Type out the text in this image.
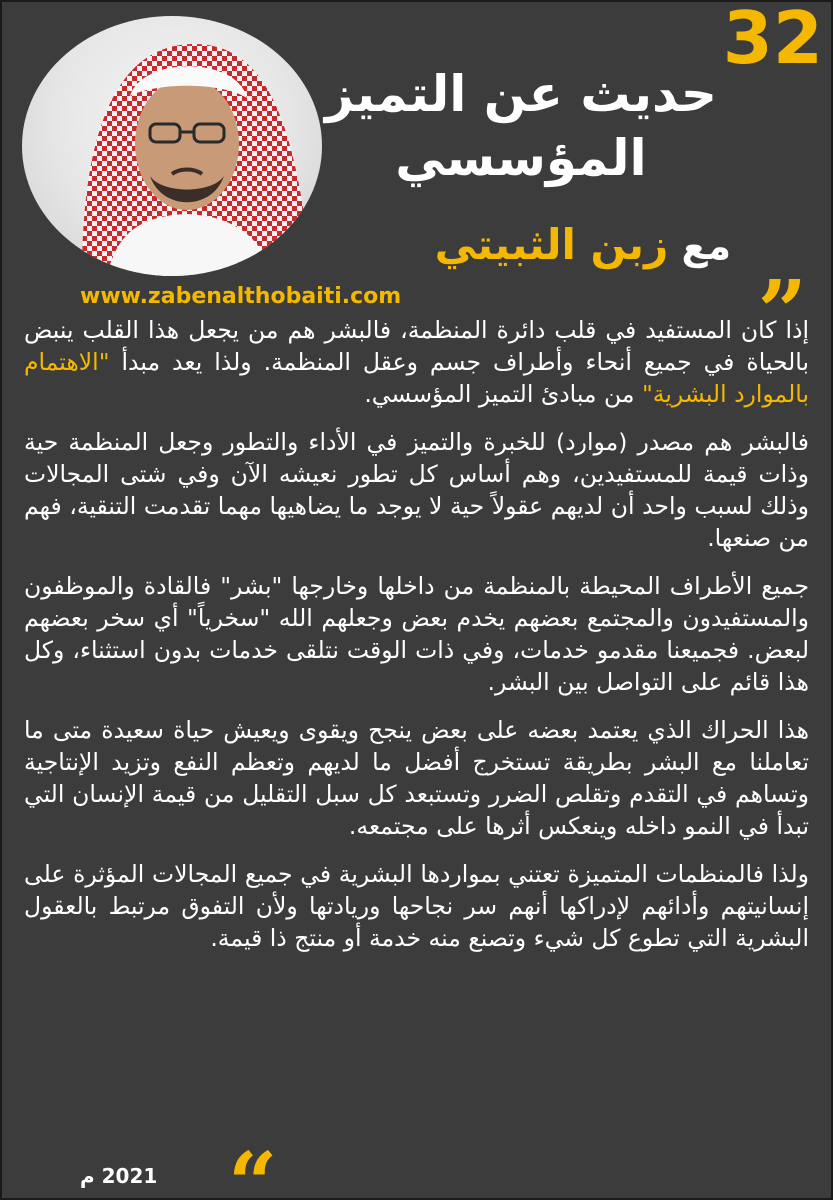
32
حديث عن التميز
المؤسسي
مع زبن الثبيتي
”
www.zabenalthobaiti.com

إذا كان المستفيد في قلب دائرة المنظمة، فالبشر هم من يجعل هذا القلب ينبض بالحياة في جميع أنحاء وأطراف جسم وعقل المنظمة. ولذا يعد مبدأ "الاهتمام بالموارد البشرية" من مبادئ التميز المؤسسي.

فالبشر هم مصدر (موارد) للخبرة والتميز في الأداء والتطور وجعل المنظمة حية وذات قيمة للمستفيدين، وهم أساس كل تطور نعيشه الآن وفي شتى المجالات وذلك لسبب واحد أن لديهم عقولاً حية لا يوجد ما يضاهيها مهما تقدمت التنقية، فهم من صنعها.

جميع الأطراف المحيطة بالمنظمة من داخلها وخارجها "بشر" فالقادة والموظفون والمستفيدون والمجتمع بعضهم يخدم بعض وجعلهم الله "سخرياً" أي سخر بعضهم لبعض. فجميعنا مقدمو خدمات، وفي ذات الوقت نتلقى خدمات بدون استثناء، وكل هذا قائم على التواصل بين البشر.

هذا الحراك الذي يعتمد بعضه على بعض ينجح ويقوى ويعيش حياة سعيدة متى ما تعاملنا مع البشر بطريقة تستخرج أفضل ما لديهم وتعظم النفع وتزيد الإنتاجية وتساهم في التقدم وتقلص الضرر وتستبعد كل سبل التقليل من قيمة الإنسان التي تبدأ في النمو داخله وينعكس أثرها على مجتمعه.

ولذا فالمنظمات المتميزة تعتني بمواردها البشرية في جميع المجالات المؤثرة على إنسانيتهم وأدائهم لإدراكها أنهم سر نجاحها وريادتها ولأن التفوق مرتبط بالعقول البشرية التي تطوع كل شيء وتصنع منه خدمة أو منتج ذا قيمة.

“
2021 م
